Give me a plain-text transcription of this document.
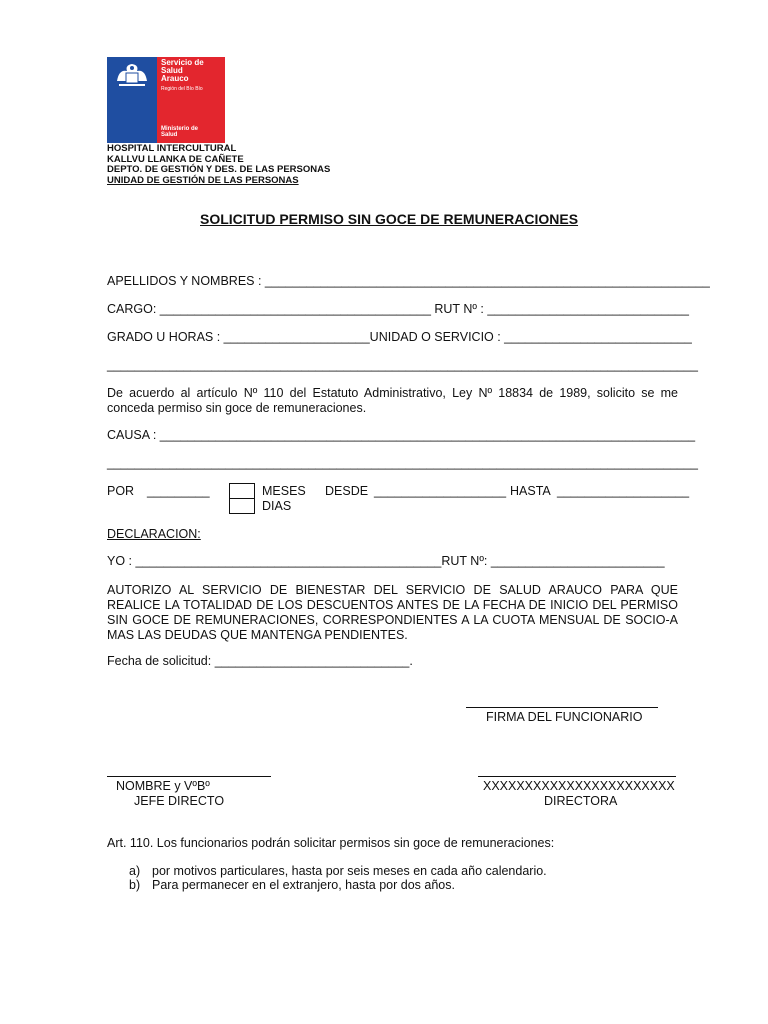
Servicio de
Salud
Arauco
Región del Bío Bío
Ministerio de
Salud
HOSPITAL INTERCULTURAL
KALLVU LLANKA DE CAÑETE
DEPTO. DE GESTIÓN Y DES. DE LAS PERSONAS
UNIDAD DE GESTIÓN DE LAS PERSONAS
SOLICITUD PERMISO SIN GOCE DE REMUNERACIONES
APELLIDOS Y NOMBRES : ________________________________________________________________
CARGO: _______________________________________ RUT Nº : _____________________________
GRADO U HORAS : _____________________UNIDAD O SERVICIO : ___________________________
_____________________________________________________________________________________
De acuerdo al artículo Nº 110 del Estatuto Administrativo, Ley Nº 18834 de 1989, solicito se me conceda permiso sin goce de remuneraciones.
CAUSA : _____________________________________________________________________________
_____________________________________________________________________________________
POR _________	MESES
DIAS
DESDE ___________________ HASTA ___________________
DECLARACION:
YO : ____________________________________________RUT Nº: _________________________
AUTORIZO AL SERVICIO DE BIENESTAR DEL SERVICIO DE SALUD ARAUCO PARA QUE REALICE LA TOTALIDAD DE LOS DESCUENTOS ANTES DE LA FECHA DE INICIO DEL PERMISO SIN GOCE DE REMUNERACIONES, CORRESPONDIENTES A LA CUOTA MENSUAL DE SOCIO-A MAS LAS DEUDAS QUE MANTENGA PENDIENTES.
Fecha de solicitud: ____________________________.
FIRMA DEL FUNCIONARIO
NOMBRE y VºBº
JEFE DIRECTO
XXXXXXXXXXXXXXXXXXXXXXX
DIRECTORA
Art. 110. Los funcionarios podrán solicitar permisos sin goce de remuneraciones:
a) por motivos particulares, hasta por seis meses en cada año calendario.
b) Para permanecer en el extranjero, hasta por dos años.
